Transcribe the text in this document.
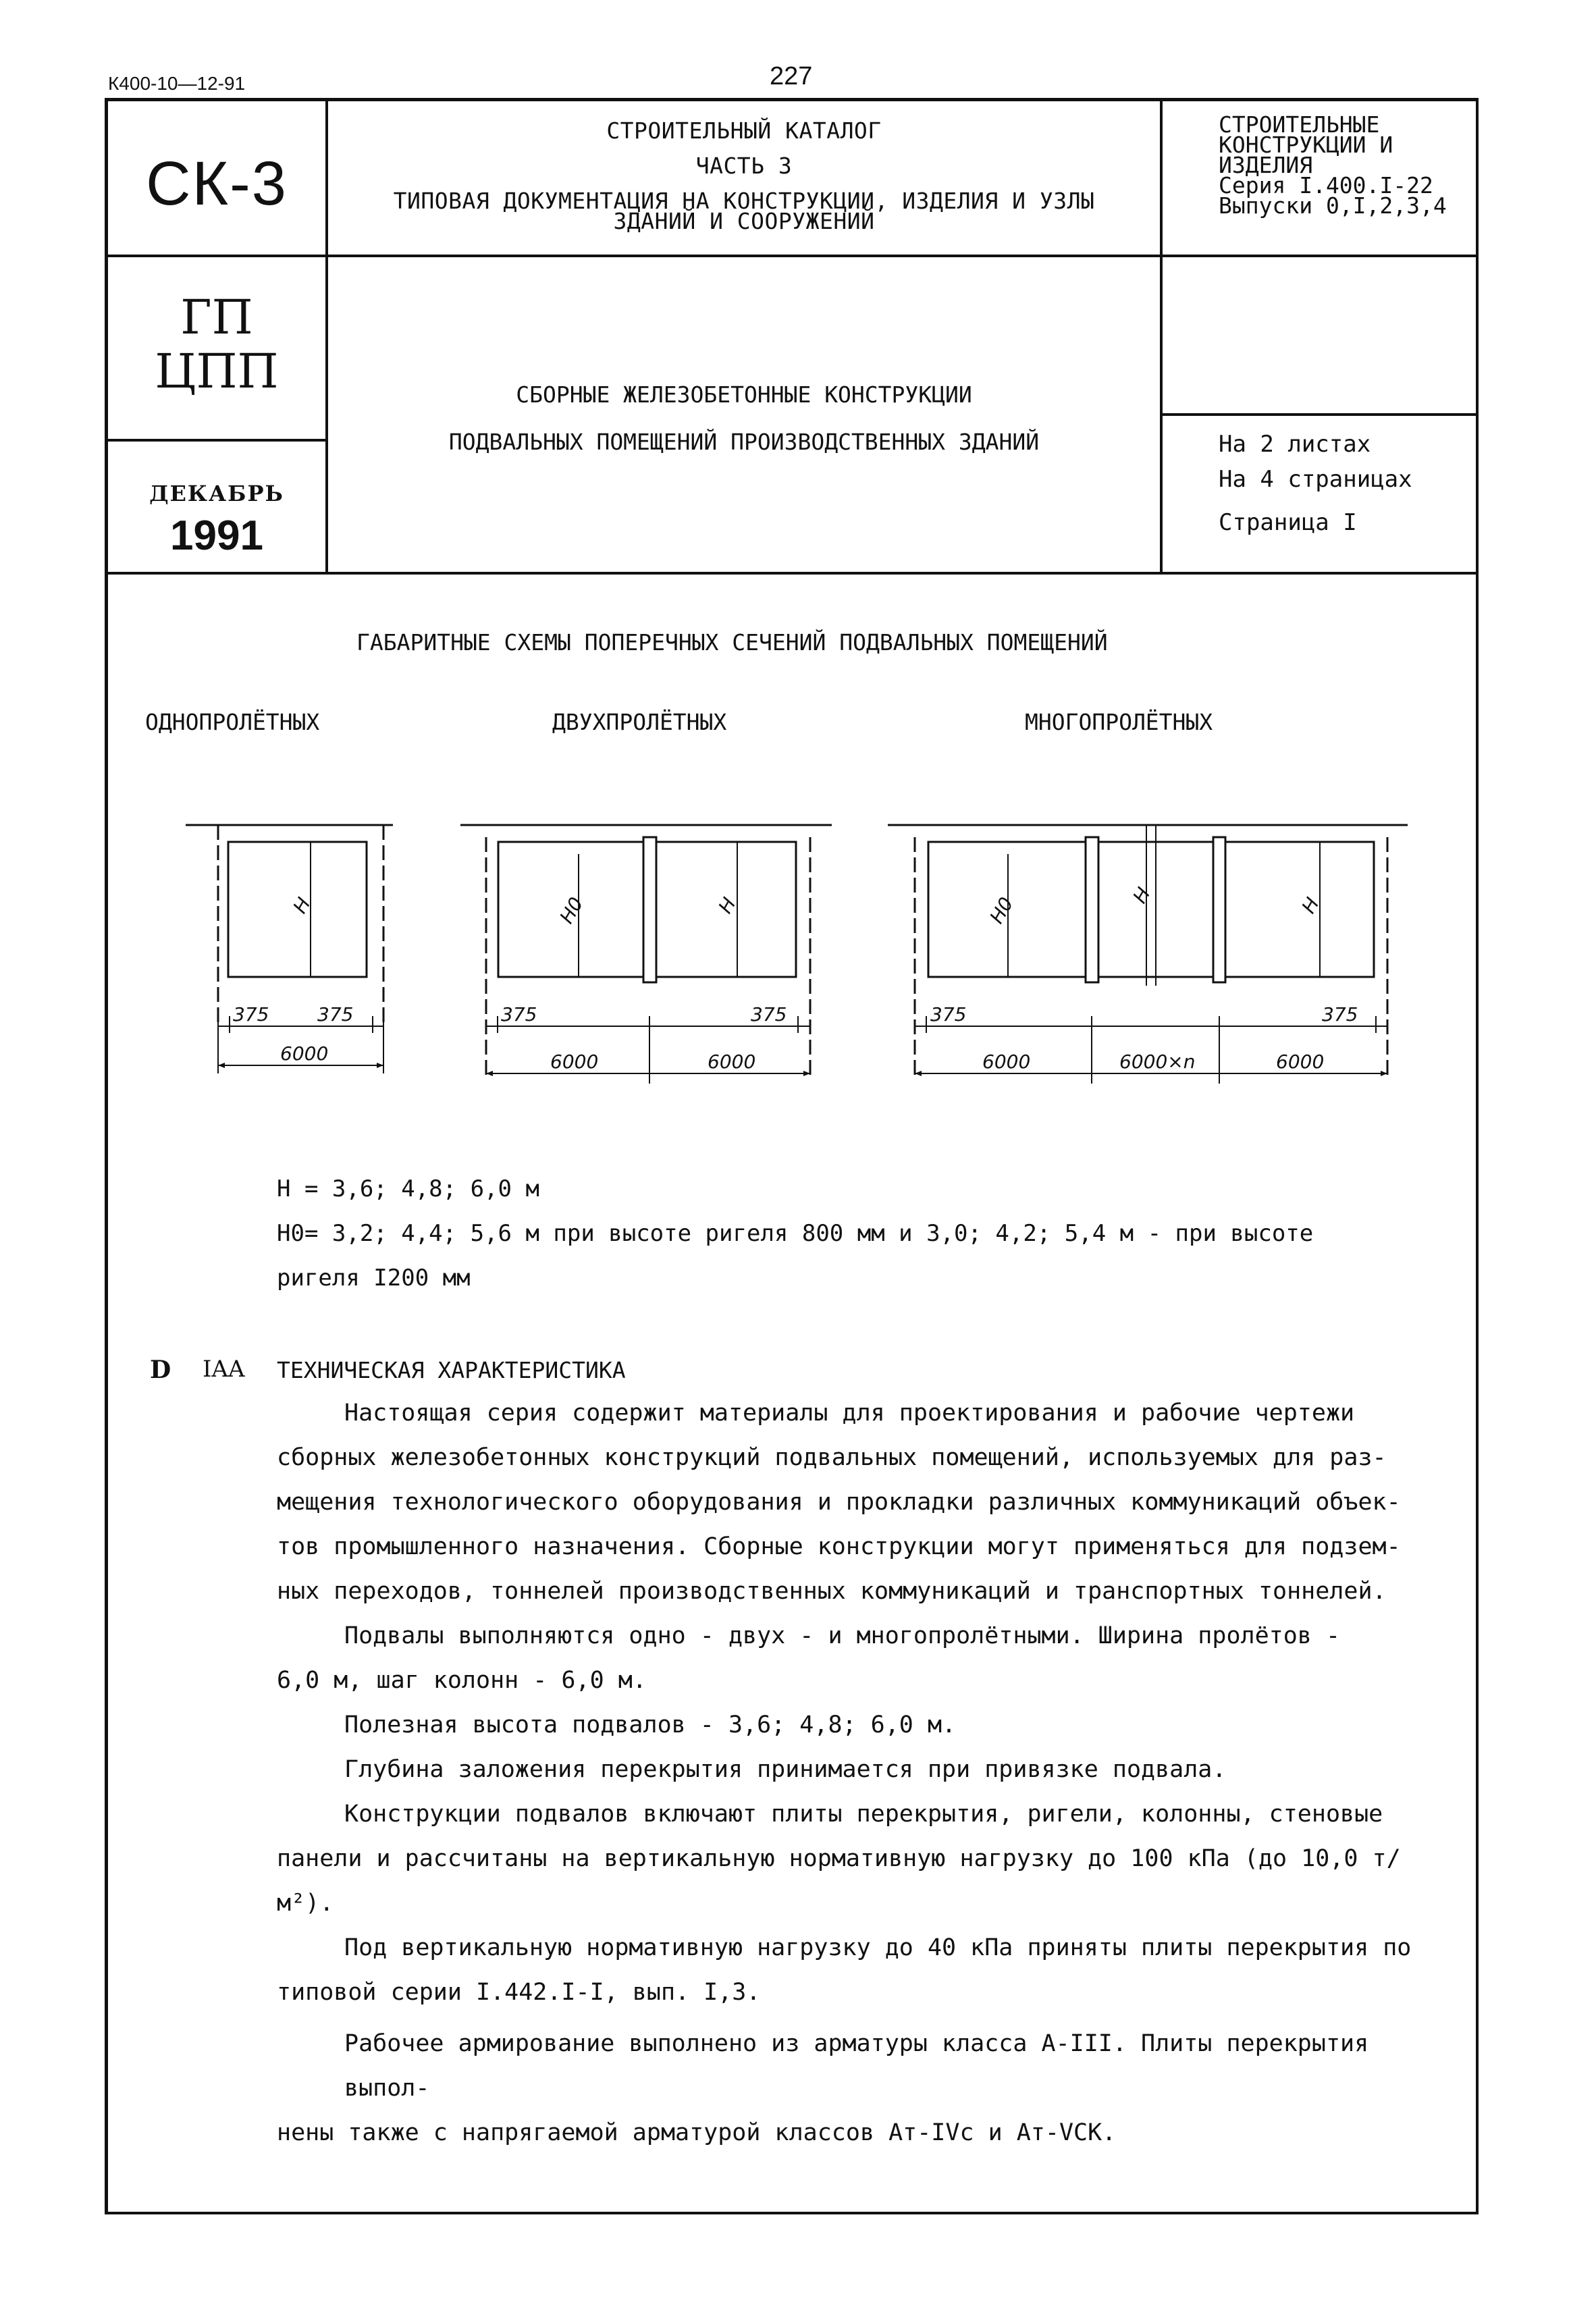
К400-10—12-91	227
СК-3
СТРОИТЕЛЬНЫЙ КАТАЛОГ
ЧАСТЬ 3
ТИПОВАЯ ДОКУМЕНТАЦИЯ НА КОНСТРУКЦИИ, ИЗДЕЛИЯ И УЗЛЫ
ЗДАНИЙ И СООРУЖЕНИЙ
СТРОИТЕЛЬНЫЕ
КОНСТРУКЦИИ И
ИЗДЕЛИЯ
Серия I.400.I-22
Выпуски 0,I,2,3,4
ГП
ЦПП	СБОРНЫЕ ЖЕЛЕЗОБЕТОННЫЕ КОНСТРУКЦИИ
ПОДВАЛЬНЫХ ПОМЕЩЕНИЙ ПРОИЗВОДСТВЕННЫХ ЗДАНИЙ
ДЕКАБРЬ
1991
На 2 листах
На 4 страницах
Страница I
ГАБАРИТНЫЕ СХЕМЫ ПОПЕРЕЧНЫХ СЕЧЕНИЙ ПОДВАЛЬНЫХ ПОМЕЩЕНИЙ
ОДНОПРОЛЁТНЫХ	ДВУХПРОЛЁТНЫХ	МНОГОПРОЛЁТНЫХ
H
375	375
6000
H0	H
375	375
6000	6000
H0	H	H
375	375
6000	6000×n	6000
H = 3,6; 4,8; 6,0 м
H0= 3,2; 4,4; 5,6 м при высоте ригеля 800 мм и 3,0; 4,2; 5,4 м - при высоте
ригеля I200 мм
D IAA ТЕХНИЧЕСКАЯ ХАРАКТЕРИСТИКА
Настоящая серия содержит материалы для проектирования и рабочие чертежи
сборных железобетонных конструкций подвальных помещений, используемых для раз-
мещения технологического оборудования и прокладки различных коммуникаций объек-
тов промышленного назначения. Сборные конструкции могут применяться для подзем-
ных переходов, тоннелей производственных коммуникаций и транспортных тоннелей.
Подвалы выполняются одно - двух - и многопролётными. Ширина пролётов -
6,0 м, шаг колонн - 6,0 м.
Полезная высота подвалов - 3,6; 4,8; 6,0 м.
Глубина заложения перекрытия принимается при привязке подвала.
Конструкции подвалов включают плиты перекрытия, ригели, колонны, стеновые
панели и рассчитаны на вертикальную нормативную нагрузку до 100 кПа (до 10,0 т/м²).
Под вертикальную нормативную нагрузку до 40 кПа приняты плиты перекрытия по
типовой серии I.442.I-I, вып. I,3.
Рабочее армирование выполнено из арматуры класса А-III. Плиты перекрытия выпол-
нены также с напрягаемой арматурой классов Ат-IVс и Ат-VСК.
